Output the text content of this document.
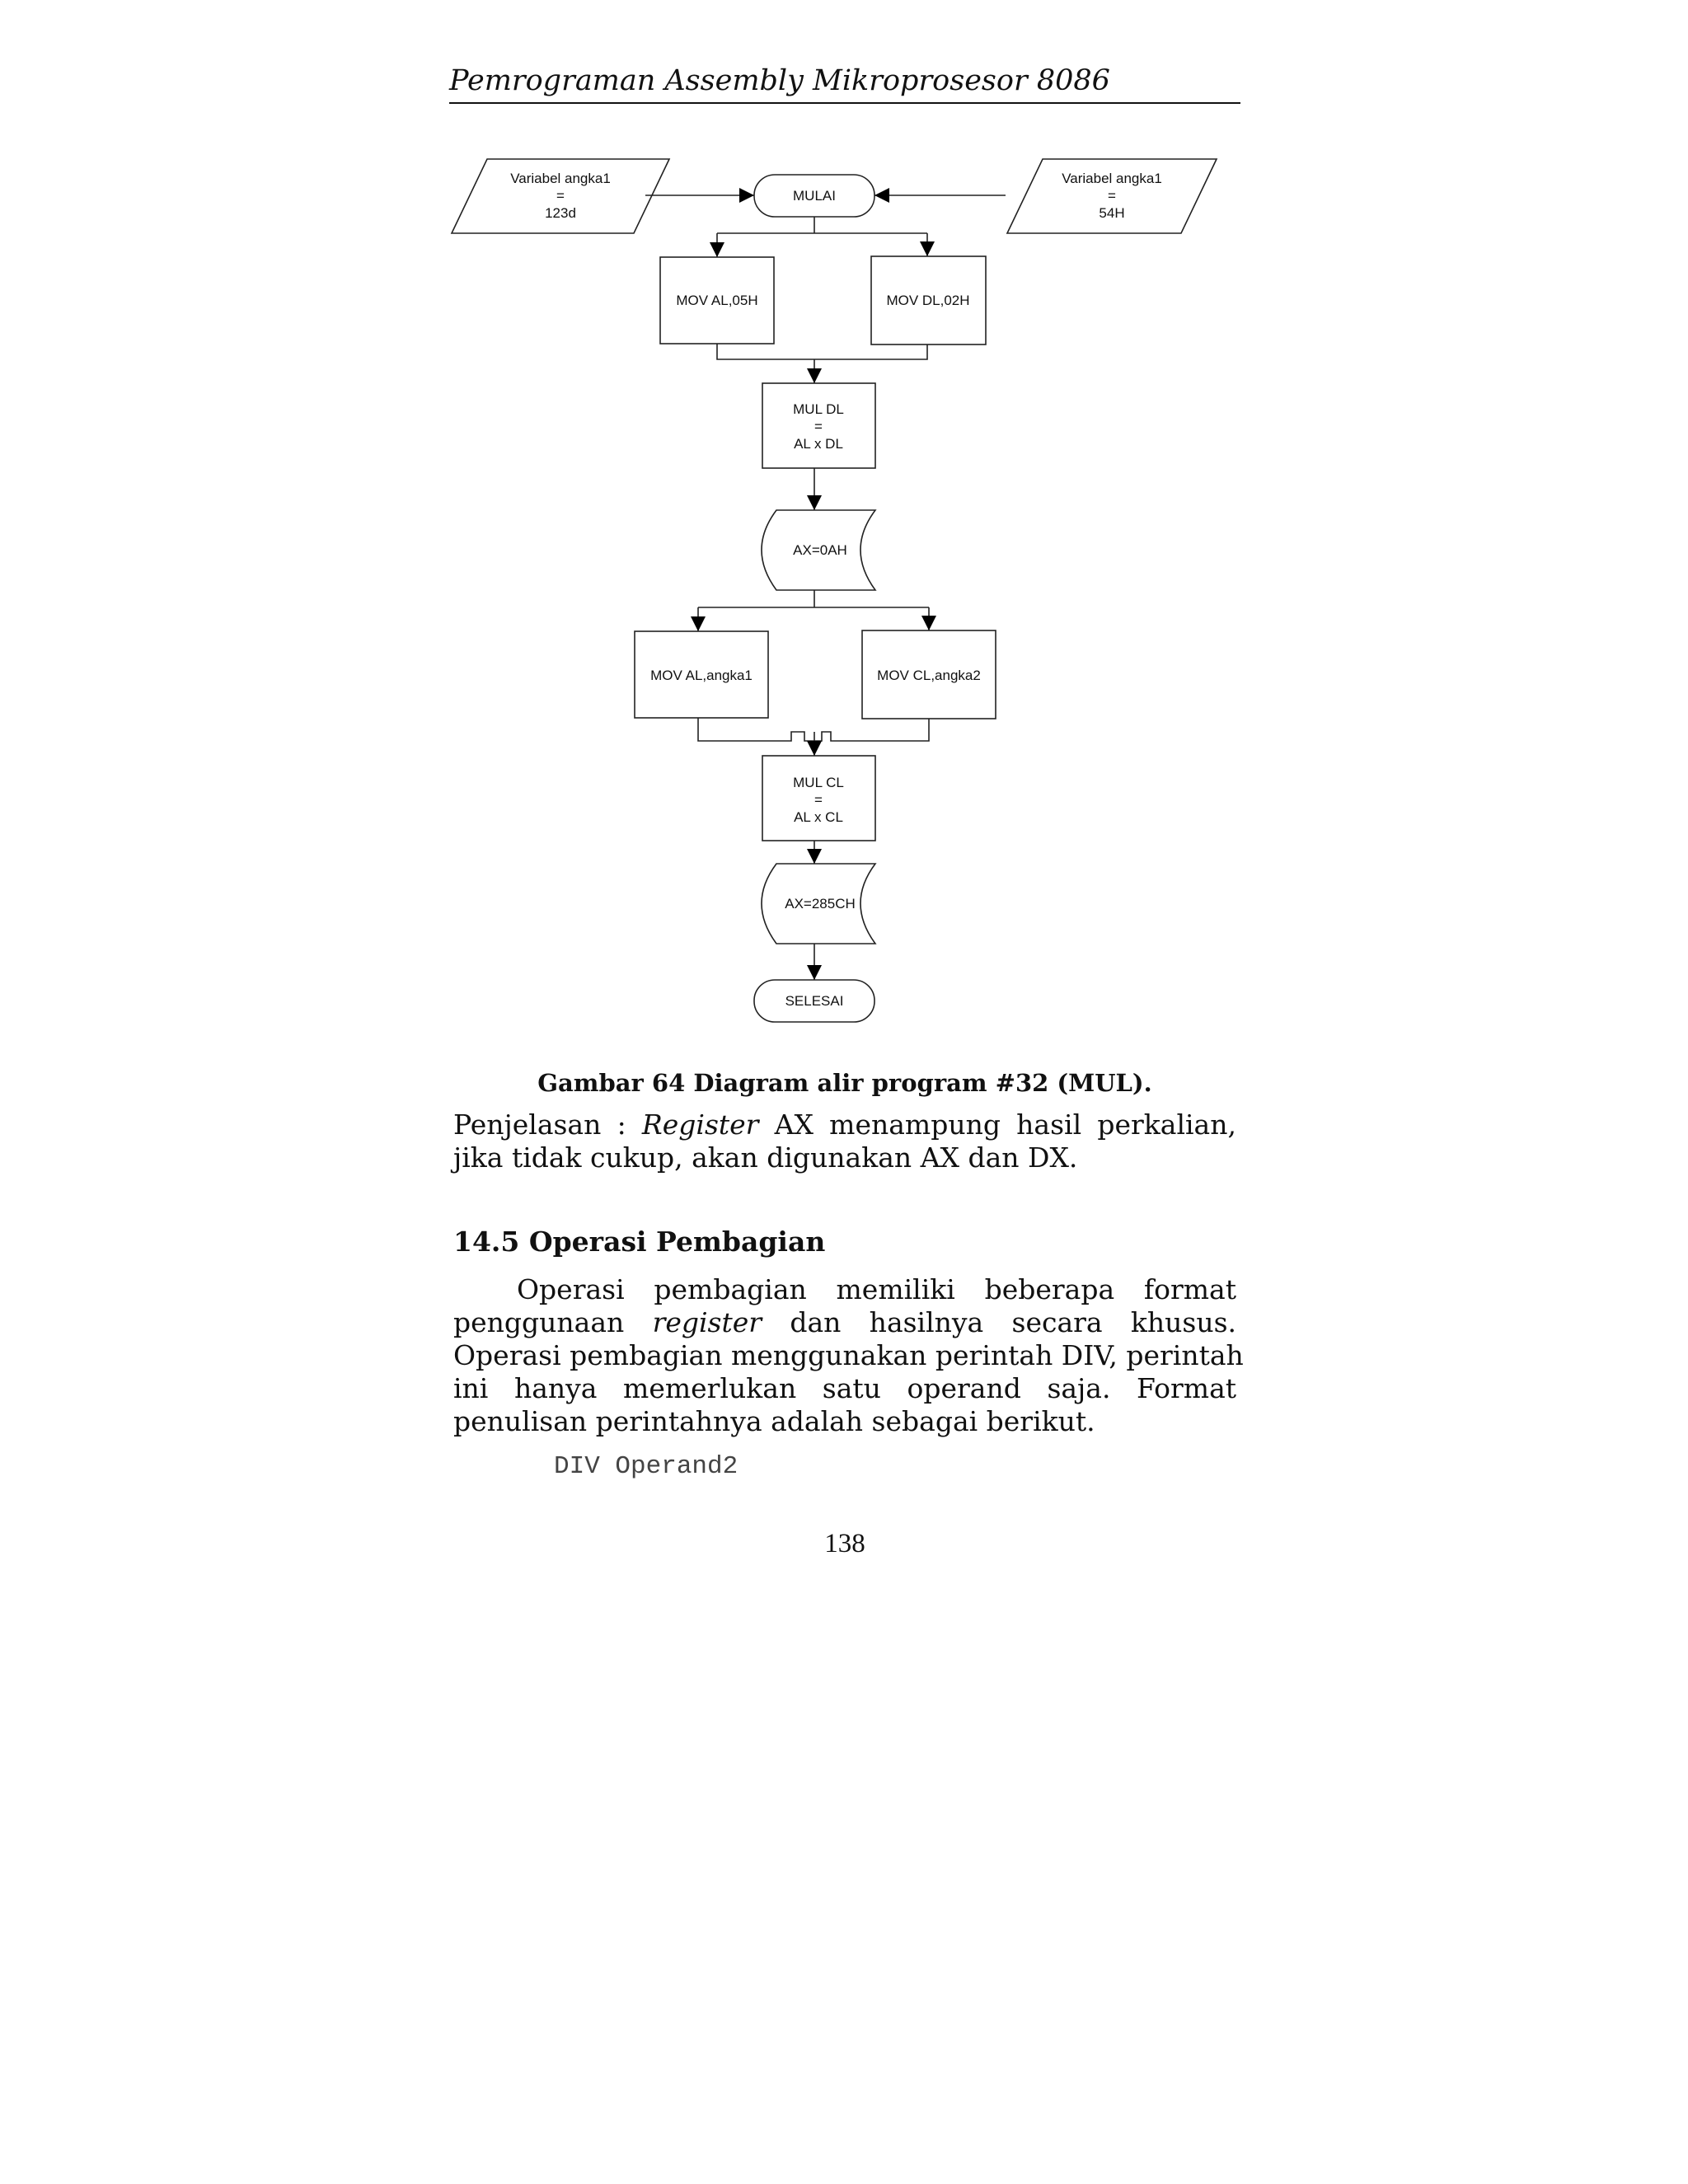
Pemrograman Assembly Mikroprosesor 8086
Variabel angka1
=
123d
MULAI
Variabel angka1
=
54H
MOV AL,05H	MOV DL,02H
MUL DL
=
AL x DL
AX=0AH
MOV AL,angka1	MOV CL,angka2
MUL CL
=
AL x CL
AX=285CH
SELESAI
Gambar 64 Diagram alir program #32 (MUL).
Penjelasan : Register AX menampung hasil perkalian,
jika tidak cukup, akan digunakan AX dan DX.
14.5 Operasi Pembagian
Operasi pembagian memiliki beberapa format
penggunaan register dan hasilnya secara khusus.
Operasi pembagian menggunakan perintah DIV, perintah
ini hanya memerlukan satu operand saja. Format
penulisan perintahnya adalah sebagai berikut.
DIV Operand2
138
